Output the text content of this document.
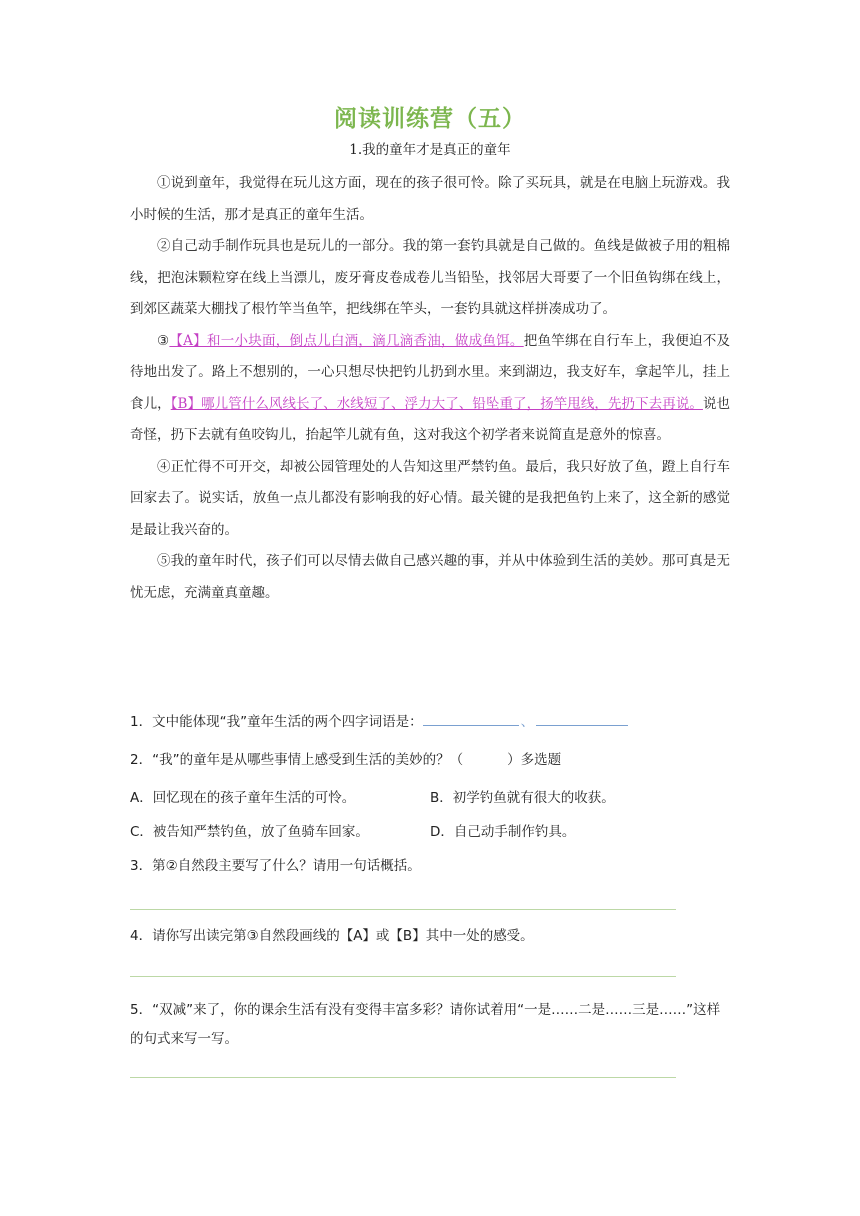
阅读训练营（五）
1.我的童年才是真正的童年

①说到童年，我觉得在玩儿这方面，现在的孩子很可怜。除了买玩具，就是在电脑上玩游戏。我小时候的生活，那才是真正的童年生活。

②自己动手制作玩具也是玩儿的一部分。我的第一套钓具就是自己做的。鱼线是做被子用的粗棉线，把泡沫颗粒穿在线上当漂儿，废牙膏皮卷成卷儿当铅坠，找邻居大哥要了一个旧鱼钩绑在线上，到郊区蔬菜大棚找了根竹竿当鱼竿，把线绑在竿头，一套钓具就这样拼凑成功了。

③【A】和一小块面，倒点儿白酒，滴几滴香油，做成鱼饵。把鱼竿绑在自行车上，我便迫不及待地出发了。路上不想别的，一心只想尽快把钓儿扔到水里。来到湖边，我支好车，拿起竿儿，挂上食儿，【B】哪儿管什么风线长了、水线短了、浮力大了、铅坠重了，扬竿甩线，先扔下去再说。说也奇怪，扔下去就有鱼咬钩儿，抬起竿儿就有鱼，这对我这个初学者来说简直是意外的惊喜。

④正忙得不可开交，却被公园管理处的人告知这里严禁钓鱼。最后，我只好放了鱼，蹬上自行车回家去了。说实话，放鱼一点儿都没有影响我的好心情。最关键的是我把鱼钓上来了，这全新的感觉是最让我兴奋的。

⑤我的童年时代，孩子们可以尽情去做自己感兴趣的事，并从中体验到生活的美妙。那可真是无忧无虑，充满童真童趣。

1．文中能体现“我”童年生活的两个四字词语是：	、
2．“我”的童年是从哪些事情上感受到生活的美妙的？（	）多选题
A．回忆现在的孩子童年生活的可怜。	B．初学钓鱼就有很大的收获。
C．被告知严禁钓鱼，放了鱼骑车回家。	D．自己动手制作钓具。
3．第②自然段主要写了什么？请用一句话概括。
4．请你写出读完第③自然段画线的【A】或【B】其中一处的感受。
5．“双减”来了，你的课余生活有没有变得丰富多彩？请你试着用“一是……二是……三是……”这样的句式来写一写。
